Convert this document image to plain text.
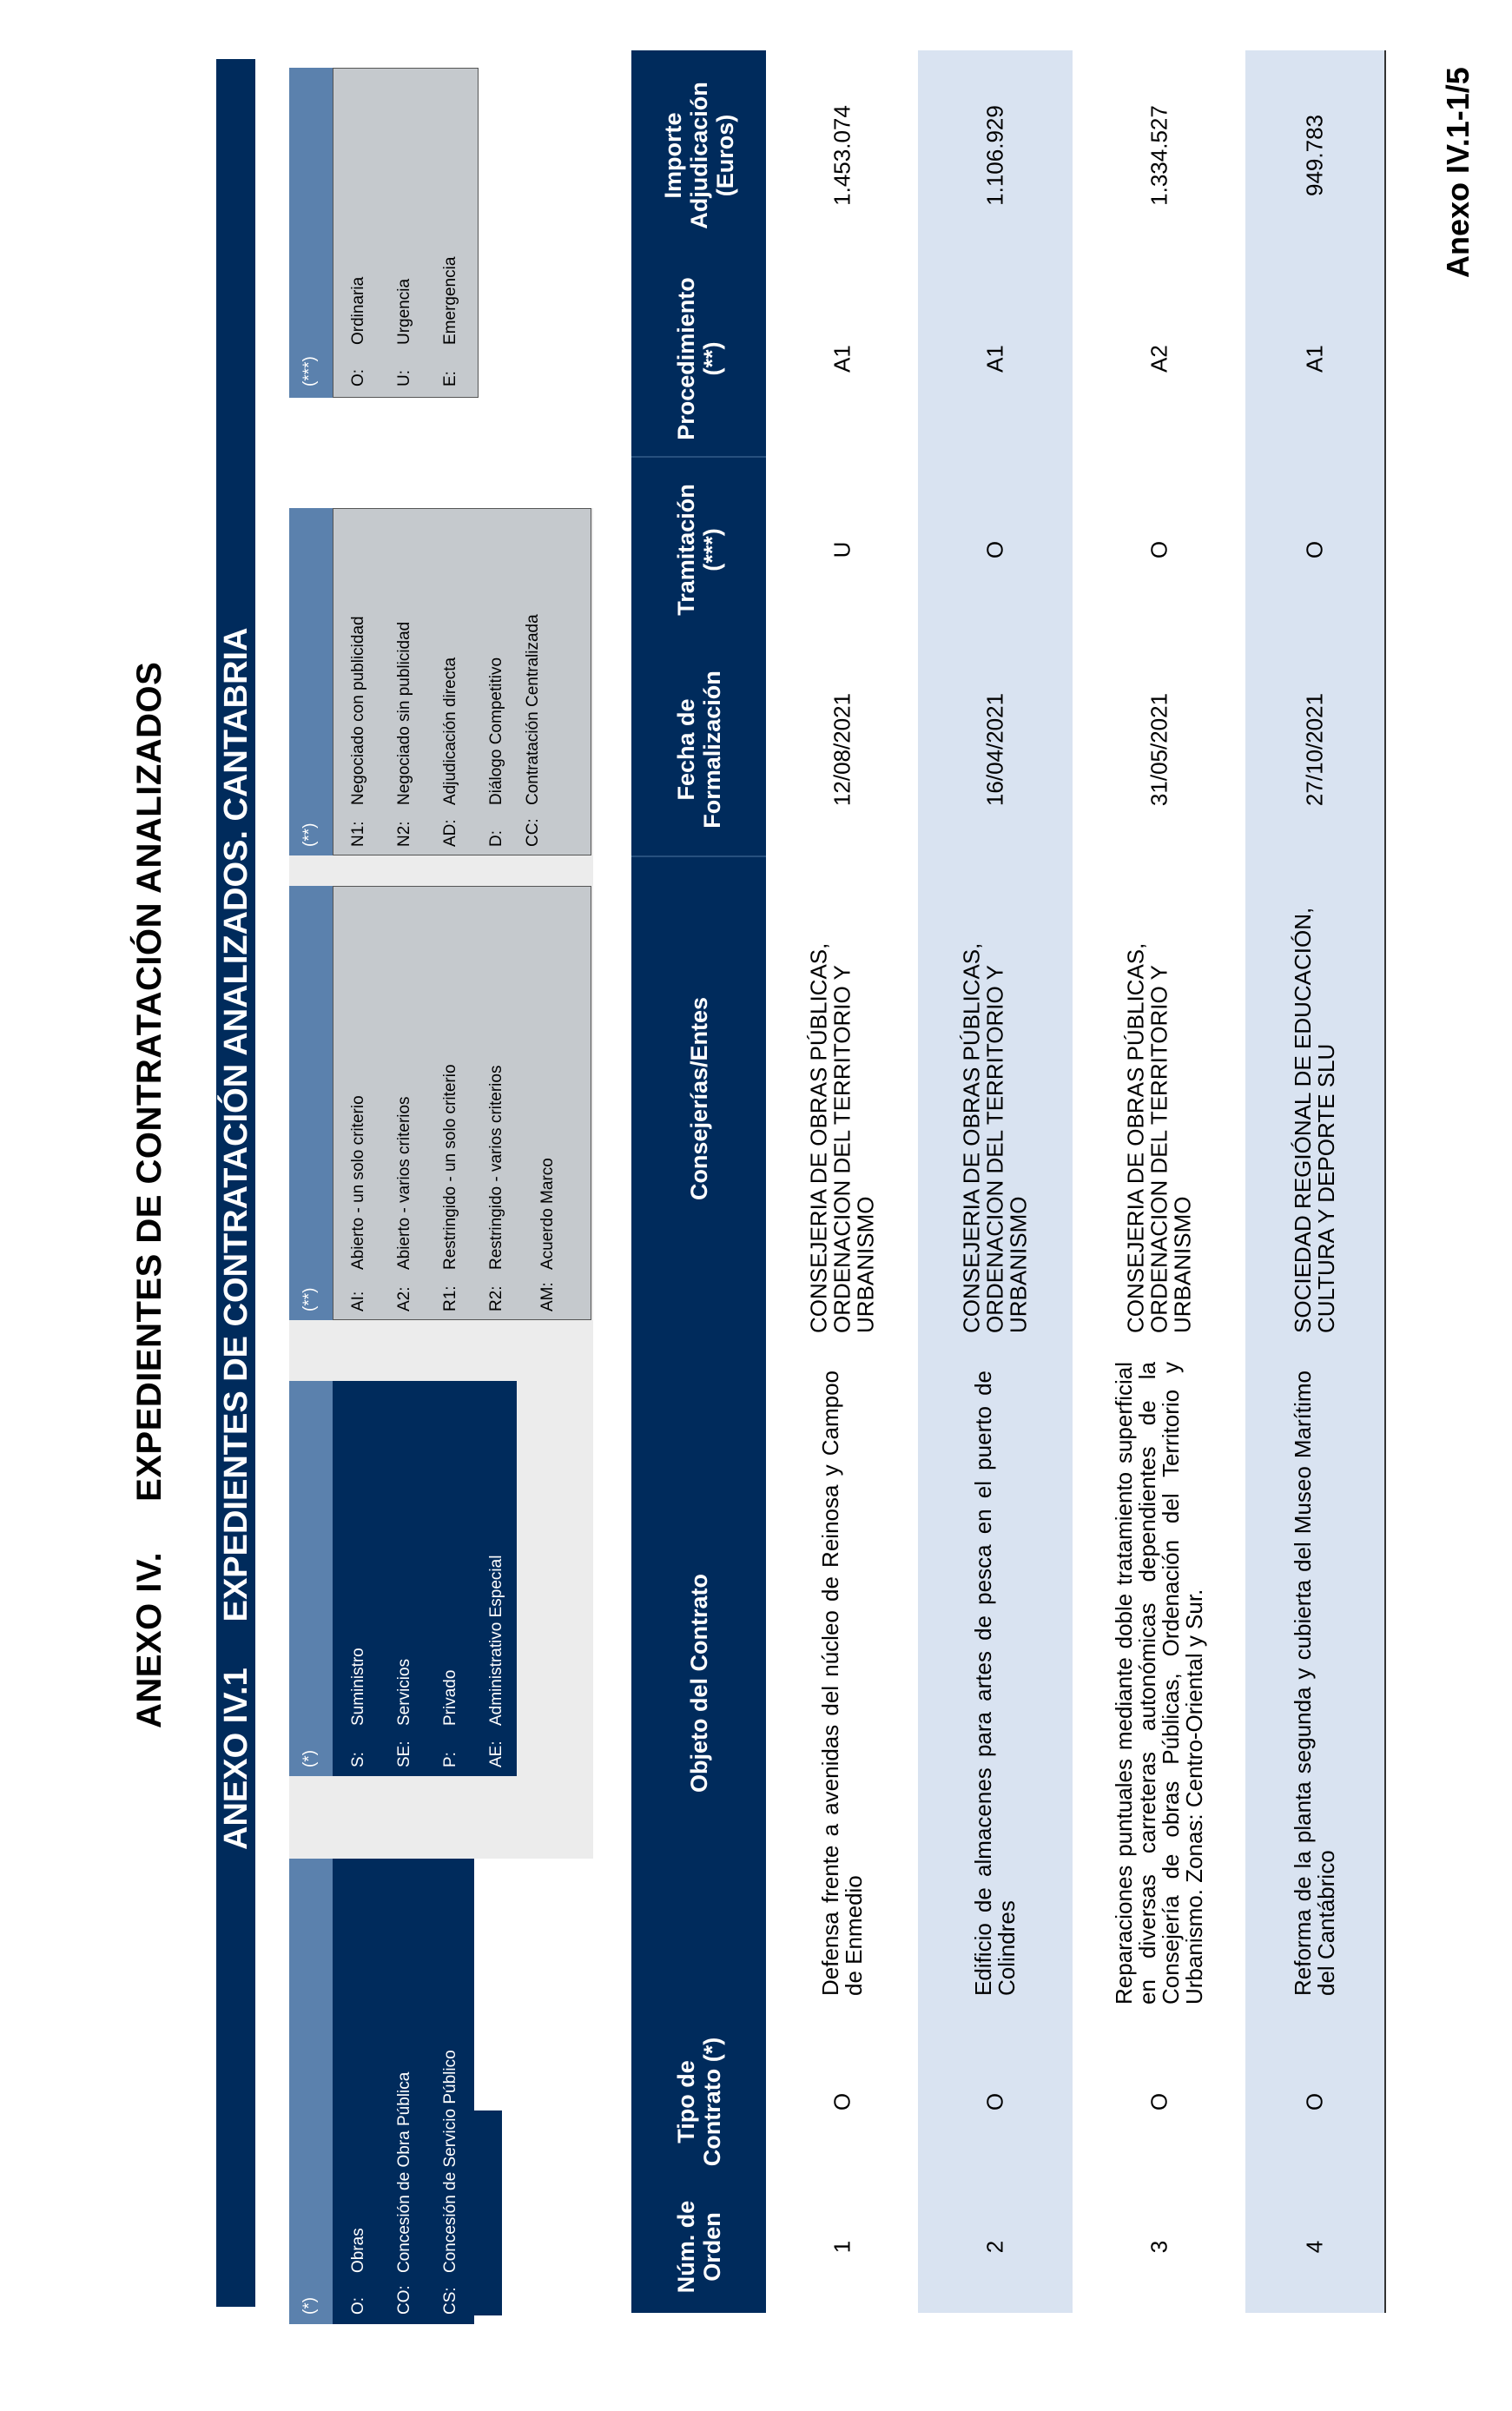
Anexo IV.1-1/5
ANEXO IV.     EXPEDIENTES DE CONTRATACIÓN ANALIZADOS
ANEXO IV.1     EXPEDIENTES DE CONTRATACIÓN ANALIZADOS. CANTABRIA
(*)
(*)
O:Obras
CO:Concesión de Obra Pública
CS:Concesión de Servicio Público
S:Suministro
SE:Servicios
P:Privado
AE:Administrativo Especial
(**)
(**)
AI:Abierto - un solo criterio
A2:Abierto - varios criterios
R1:Restringido - un solo criterio
R2:Restringido - varios criterios
AM:Acuerdo Marco
N1:Negociado con publicidad
N2:Negociado sin publicidad
AD:Adjudicación directa
D:Diálogo Competitivo
CC:Contratación Centralizada
(***) O:Ordinaria
U:Urgencia
E:Emergencia
Núm. de Orden
Tipo de Contrato (*)
Objeto del Contrato
Consejerías/Entes
Fecha de Formalización
Tramitación (***)
Procedimiento (**)
Importe Adjudicación (Euros)
1
O
Defensa frente a avenidas del núcleo de Reinosa y Campoo de Enmedio
CONSEJERIA DE OBRAS PÚBLICAS, ORDENACION DEL TERRITORIO Y URBANISMO
12/08/2021
U
A1
1.453.074
2
O
Edificio de almacenes para artes de pesca en el puerto de Colindres
CONSEJERIA DE OBRAS PÚBLICAS, ORDENACION DEL TERRITORIO Y URBANISMO
16/04/2021
O
A1
1.106.929
3
O
Reparaciones puntuales mediante doble tratamiento superficial en diversas carreteras autonómicas dependientes de la Consejería de obras Públicas, Ordenación del Territorio y Urbanismo. Zonas: Centro-Oriental y Sur.
CONSEJERIA DE OBRAS PÚBLICAS, ORDENACION DEL TERRITORIO Y URBANISMO
31/05/2021
O
A2
1.334.527
4
O
Reforma de la planta segunda y cubierta del Museo Marítimo del Cantábrico
SOCIEDAD REGIÓNAL DE EDUCACIÓN, CULTURA Y DEPORTE SLU
27/10/2021
O
A1
949.783
